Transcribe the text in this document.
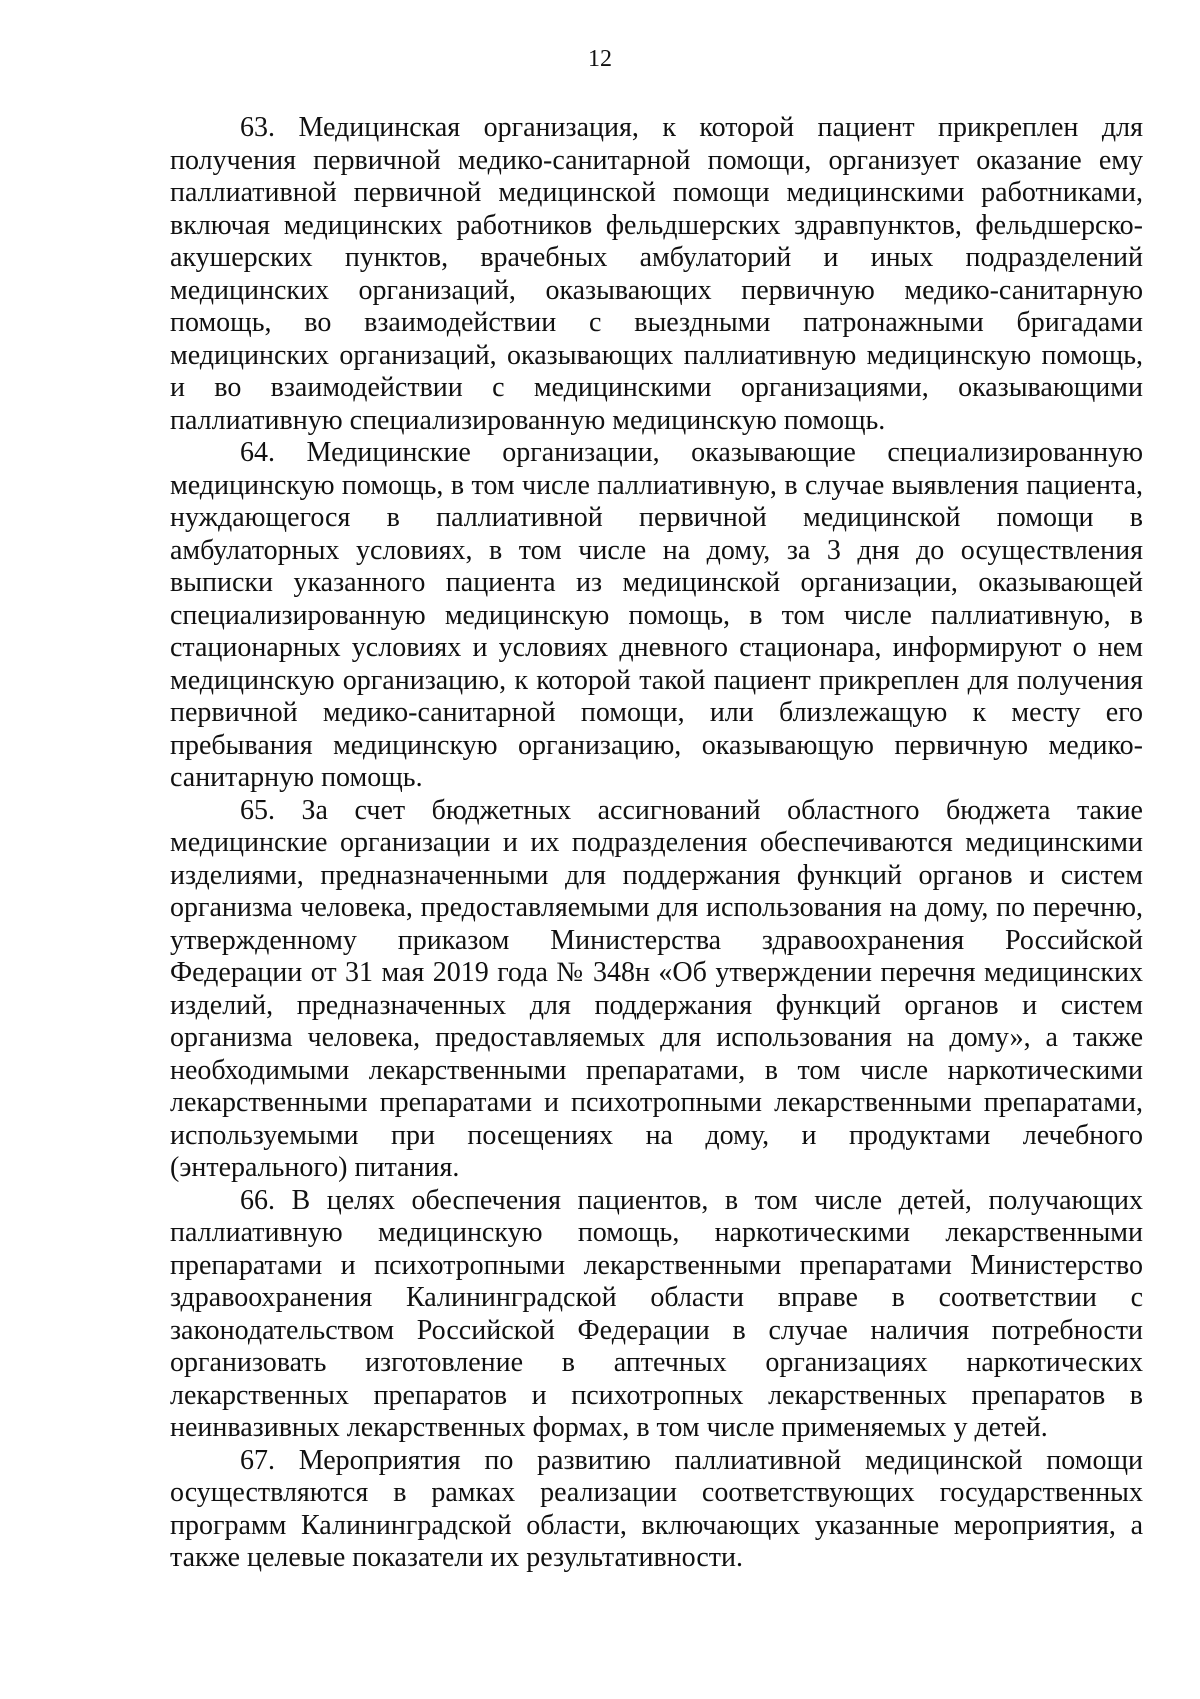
12

63. Медицинская организация, к которой пациент прикреплен для получения первичной медико-санитарной помощи, организует оказание ему паллиативной первичной медицинской помощи медицинскими работниками, включая медицинских работников фельдшерских здравпунктов, фельдшерско-акушерских пунктов, врачебных амбулаторий и иных подразделений медицинских организаций, оказывающих первичную медико-санитарную помощь, во взаимодействии с выездными патронажными бригадами медицинских организаций, оказывающих паллиативную медицинскую помощь, и во взаимодействии с медицинскими организациями, оказывающими паллиативную специализированную медицинскую помощь.

64. Медицинские организации, оказывающие специализированную медицинскую помощь, в том числе паллиативную, в случае выявления пациента, нуждающегося в паллиативной первичной медицинской помощи в амбулаторных условиях, в том числе на дому, за 3 дня до осуществления выписки указанного пациента из медицинской организации, оказывающей специализированную медицинскую помощь, в том числе паллиативную, в стационарных условиях и условиях дневного стационара, информируют о нем медицинскую организацию, к которой такой пациент прикреплен для получения первичной медико-санитарной помощи, или близлежащую к месту его пребывания медицинскую организацию, оказывающую первичную медико-санитарную помощь.

65. За счет бюджетных ассигнований областного бюджета такие медицинские организации и их подразделения обеспечиваются медицинскими изделиями, предназначенными для поддержания функций органов и систем организма человека, предоставляемыми для использования на дому, по перечню, утвержденному приказом Министерства здравоохранения Российской Федерации от 31 мая 2019 года № 348н «Об утверждении перечня медицинских изделий, предназначенных для поддержания функций органов и систем организма человека, предоставляемых для использования на дому», а также необходимыми лекарственными препаратами, в том числе наркотическими лекарственными препаратами и психотропными лекарственными препаратами, используемыми при посещениях на дому, и продуктами лечебного (энтерального) питания.

66. В целях обеспечения пациентов, в том числе детей, получающих паллиативную медицинскую помощь, наркотическими лекарственными препаратами и психотропными лекарственными препаратами Министерство здравоохранения Калининградской области вправе в соответствии с законодательством Российской Федерации в случае наличия потребности организовать изготовление в аптечных организациях наркотических лекарственных препаратов и психотропных лекарственных препаратов в неинвазивных лекарственных формах, в том числе применяемых у детей.

67. Мероприятия по развитию паллиативной медицинской помощи осуществляются в рамках реализации соответствующих государственных программ Калининградской области, включающих указанные мероприятия, а также целевые показатели их результативности.
